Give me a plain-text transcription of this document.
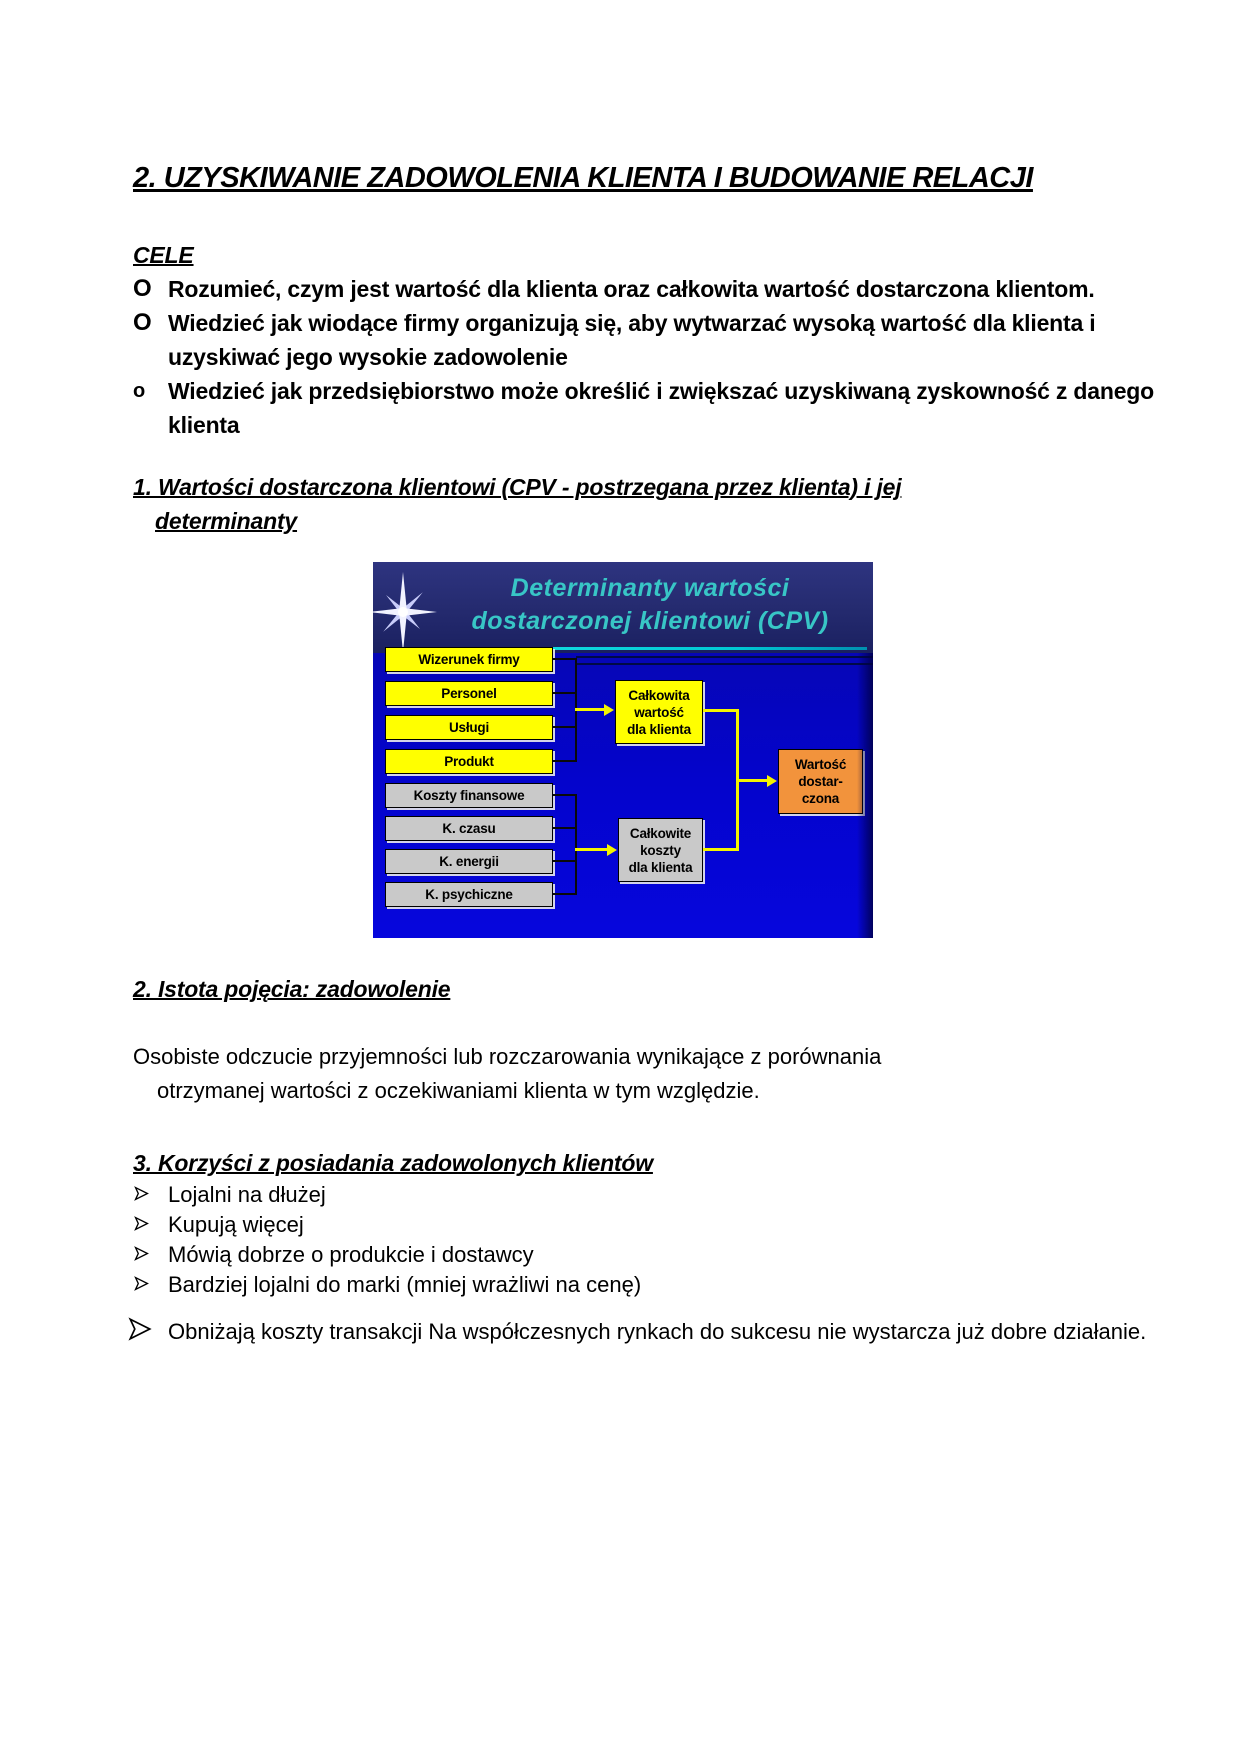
2. UZYSKIWANIE ZADOWOLENIA KLIENTA I BUDOWANIE RELACJI
CELE
O Rozumieć, czym jest wartość dla klienta oraz całkowita wartość dostarczona klientom.
O Wiedzieć jak wiodące firmy organizują się, aby wytwarzać wysoką wartość dla klienta i uzyskiwać jego wysokie zadowolenie
o Wiedzieć jak przedsiębiorstwo może określić i zwiększać uzyskiwaną zyskowność z danego klienta
1. Wartości dostarczona klientowi (CPV - postrzegana przez klienta) i jej
determinanty
Determinanty wartości
dostarczonej klientowi (CPV)
Wizerunek firmy
Personel
Usługi
Produkt
Koszty finansowe
K. czasu
K. energii
K. psychiczne
Całkowita
wartość
dla klienta
Całkowite
koszty
dla klienta
Wartość
dostar-
czona
2. Istota pojęcia: zadowolenie

Osobiste odczucie przyjemności lub rozczarowania wynikające z porównania
otrzymanej wartości z oczekiwaniami klienta w tym względzie.

3. Korzyści z posiadania zadowolonych klientów
Lojalni na dłużej
Kupują więcej
Mówią dobrze o produkcie i dostawcy
Bardziej lojalni do marki (mniej wrażliwi na cenę)
Obniżają koszty transakcji Na współczesnych rynkach do sukcesu nie wystarcza już dobre działanie.
